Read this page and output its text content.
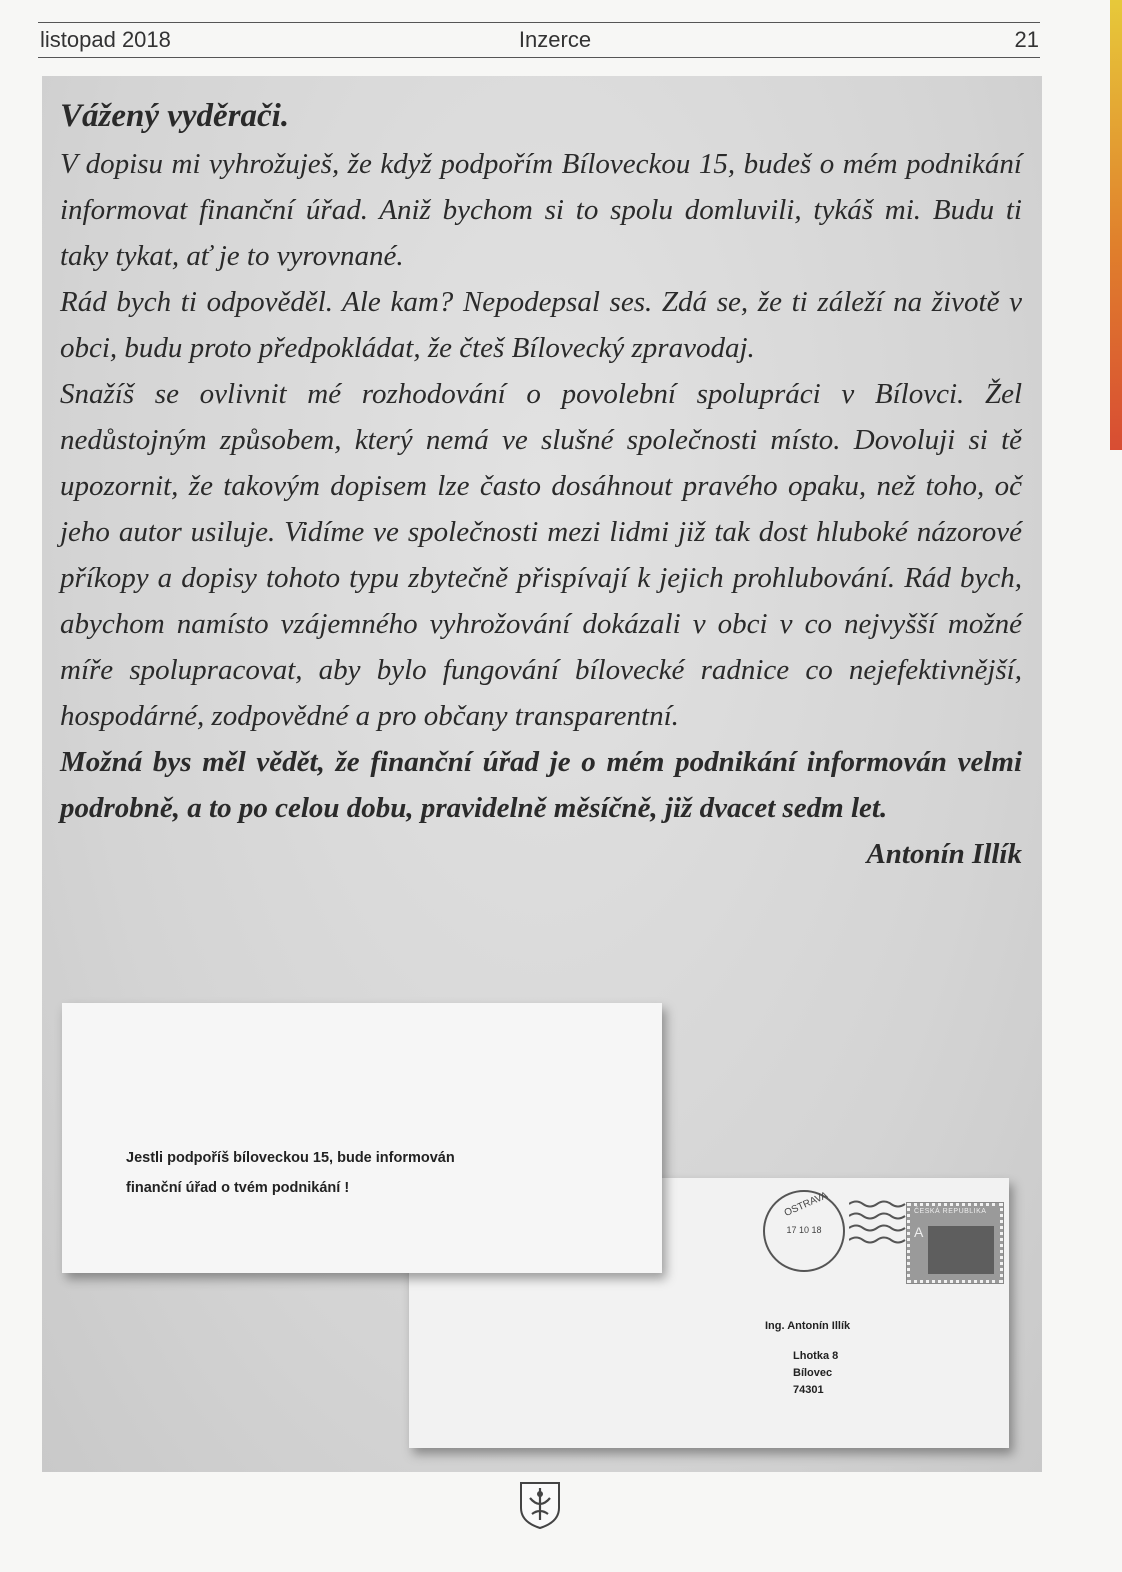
listopad 2018	Inzerce	21
Vážený vyděrači.
V dopisu mi vyhrožuješ, že když podpořím Bíloveckou 15, budeš o mém podnikání informovat finanční úřad. Aniž bychom si to spolu domluvili, tykáš mi. Budu ti taky tykat, ať je to vyrovnané.
Rád bych ti odpověděl. Ale kam? Nepodepsal ses. Zdá se, že ti záleží na životě v obci, budu proto předpokládat, že čteš Bílovecký zpravodaj.
Snažíš se ovlivnit mé rozhodování o povolební spolupráci v Bílovci. Žel nedůstojným způsobem, který nemá ve slušné společnosti místo. Dovoluji si tě upozornit, že takovým dopisem lze často dosáhnout pravého opaku, než toho, oč jeho autor usiluje. Vidíme ve společnosti mezi lidmi již tak dost hluboké názorové příkopy a dopisy tohoto typu zbytečně přispívají k jejich prohlubování. Rád bych, abychom namísto vzájemného vyhrožování dokázali v obci v co nejvyšší možné míře spolupracovat, aby bylo fungování bílovecké radnice co nejefektivnější, hospodárné, zodpovědné a pro občany transparentní.
Možná bys měl vědět, že finanční úřad je o mém podnikání informován velmi podrobně, a to po celou dobu, pravidelně měsíčně, již dvacet sedm let.
Antonín Illík
Jestli podpoříš bíloveckou 15, bude informován
finanční úřad o tvém podnikání !
OSTRAVA
17 10 18
ČESKÁ REPUBLIKA
A
Ing. Antonín Illík
Lhotka 8
Bílovec
74301
